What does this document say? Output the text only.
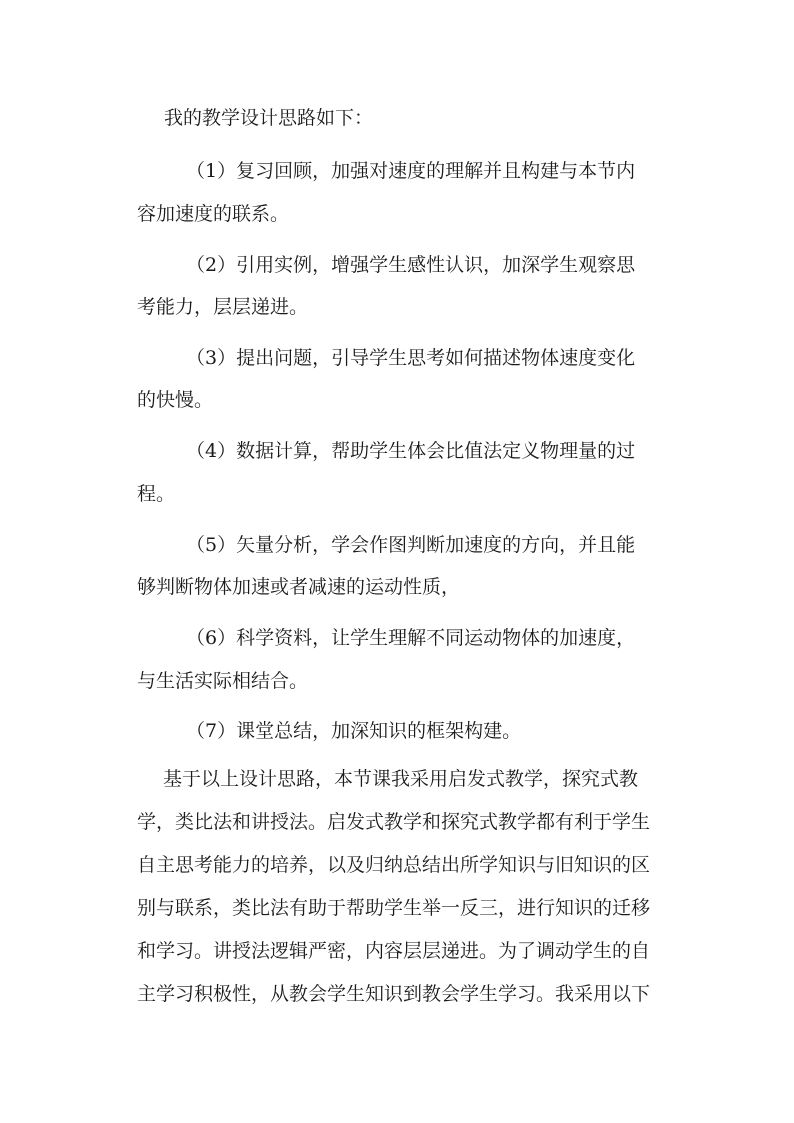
我的教学设计思路如下：
（1）复习回顾，加强对速度的理解并且构建与本节内
容加速度的联系。
（2）引用实例，增强学生感性认识，加深学生观察思
考能力，层层递进。
（3）提出问题，引导学生思考如何描述物体速度变化
的快慢。
（4）数据计算，帮助学生体会比值法定义物理量的过
程。
（5）矢量分析，学会作图判断加速度的方向，并且能
够判断物体加速或者减速的运动性质，
（6）科学资料，让学生理解不同运动物体的加速度，
与生活实际相结合。
（7）课堂总结，加深知识的框架构建。
基于以上设计思路，本节课我采用启发式教学，探究式教
学，类比法和讲授法。启发式教学和探究式教学都有利于学生
自主思考能力的培养，以及归纳总结出所学知识与旧知识的区
别与联系，类比法有助于帮助学生举一反三，进行知识的迁移
和学习。讲授法逻辑严密，内容层层递进。为了调动学生的自
主学习积极性，从教会学生知识到教会学生学习。我采用以下
